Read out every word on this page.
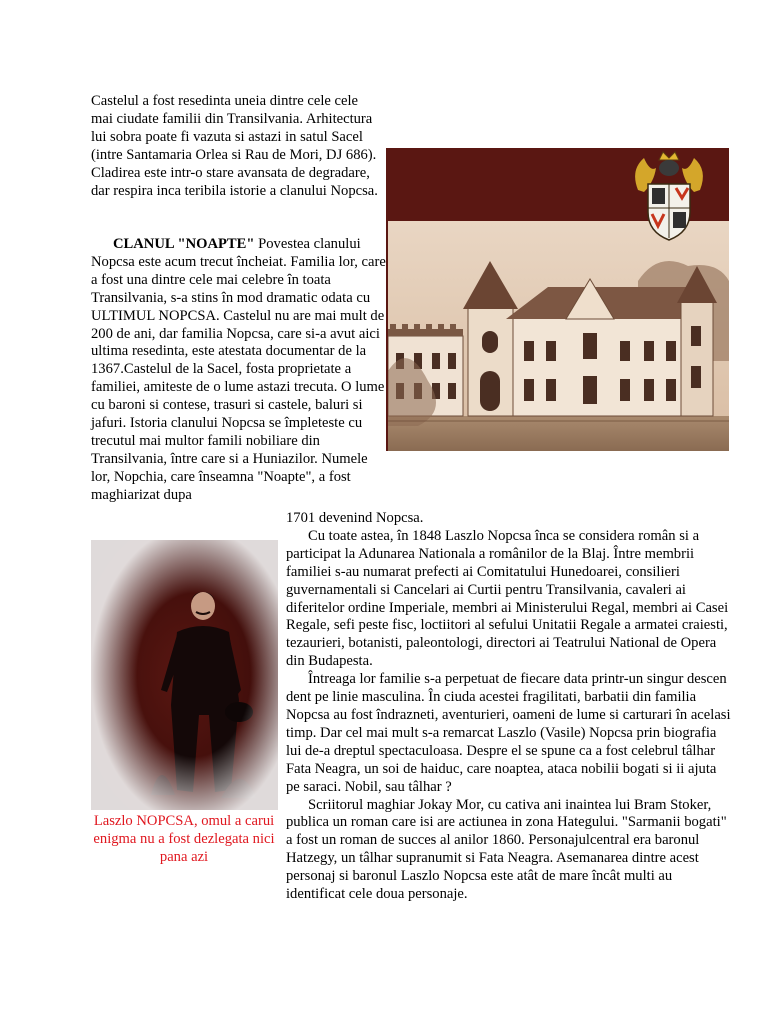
Castelul a fost resedinta uneia dintre cele cele mai ciudate familii din Transilvania. Arhitectura lui sobra poate fi vazuta si astazi in satul Sacel (intre Santamaria Orlea si Rau de Mori, DJ 686). Cladirea este intr-o stare avansata de degradare, dar respira inca teribila istorie a clanului Nopcsa.
CLANUL "NOAPTE" Povestea clanului Nopcsa este acum trecut încheiat. Familia lor, care a fost una dintre cele mai celebre în toata Transilvania, s-a stins în mod dramatic odata cu ULTIMUL NOPCSA. Castelul nu are mai mult de 200 de ani, dar familia Nopcsa, care si-a avut aici ultima resedinta, este atestata documentar de la 1367.Castelul de la Sacel, fosta proprietate a familiei, amiteste de o lume astazi trecuta. O lume cu baroni si contese, trasuri si castele, baluri si jafuri. Istoria clanului Nopcsa se împleteste cu trecutul mai multor famili nobiliare din Transilvania, între care si a Huniazilor. Numele lor, Nopchia, care înseamna "Noapte", a fost maghiarizat dupa
Laszlo NOPCSA, omul a carui enigma nu a fost dezlegata nici pana azi

1701 devenind Nopcsa.

Cu toate astea, în 1848 Laszlo Nopcsa înca se considera român si a participat la Adunarea Nationala a românilor de la Blaj. Între membrii familiei s-au numarat prefecti ai Comitatului Hunedoarei, consilieri guvernamentali si Cancelari ai Curtii pentru Transilvania, cavaleri ai diferitelor ordine Imperiale, membri ai Ministerului Regal, membri ai Casei Regale, sefi peste fisc, loctiitori al sefului Unitatii Regale a armatei craiesti, tezaurieri, botanisti, paleontologi, directori ai Teatrului National de Opera din Budapesta.

Întreaga lor familie s-a perpetuat de fiecare data printr-un singur descen dent pe linie masculina. În ciuda acestei fragilitati, barbatii din familia Nopcsa au fost îndrazneti, aventurieri, oameni de lume si carturari în acelasi timp. Dar cel mai mult s-a remarcat Laszlo (Vasile) Nopcsa prin biografia lui de-a dreptul spectaculoasa. Despre el se spune ca a fost celebrul tâlhar Fata Neagra, un soi de haiduc, care noaptea, ataca nobilii bogati si ii ajuta pe saraci. Nobil, sau tâlhar ?

Scriitorul maghiar Jokay Mor, cu cativa ani inaintea lui Bram Stoker, publica un roman care isi are actiunea in zona Hategului. "Sarmanii bogati" a fost un roman de succes al anilor 1860. Personajulcentral era baronul Hatzegy, un tâlhar supranumit si Fata Neagra. Asemanarea dintre acest personaj si baronul Laszlo Nopcsa este atât de mare încât multi au identificat cele doua personaje.
